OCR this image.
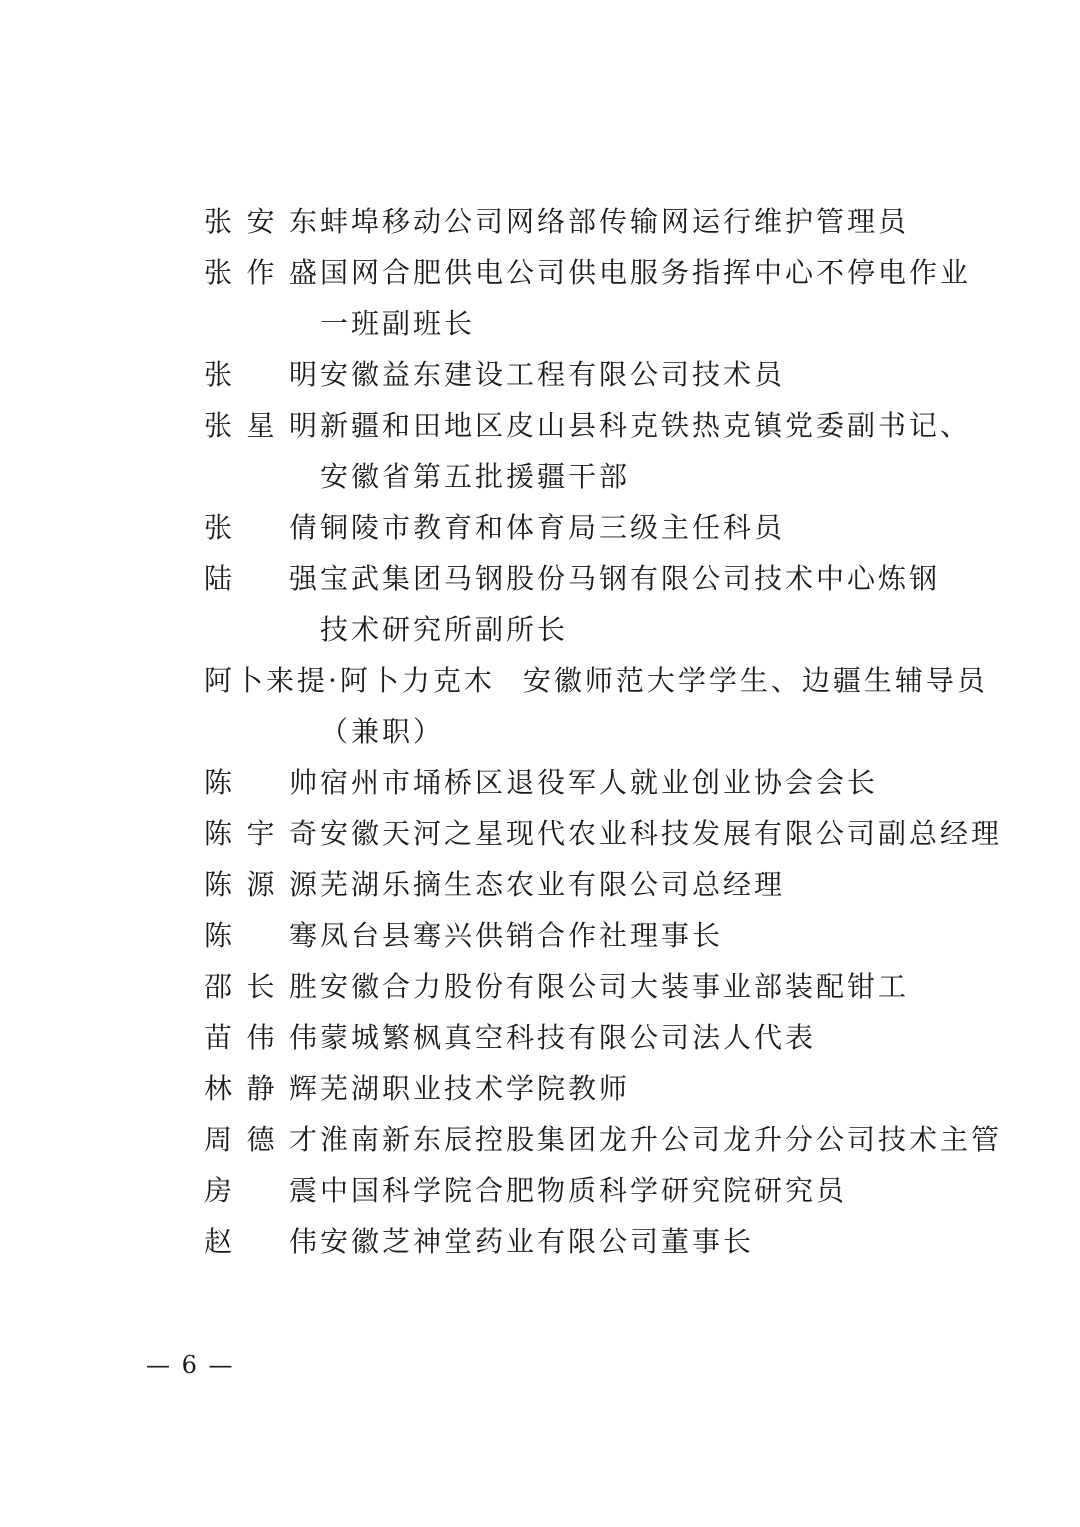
张安东 蚌埠移动公司网络部传输网运行维护管理员
张作盛 国网合肥供电公司供电服务指挥中心不停电作业
一班副班长
张明 安徽益东建设工程有限公司技术员
张星明 新疆和田地区皮山县科克铁热克镇党委副书记、
安徽省第五批援疆干部
张倩 铜陵市教育和体育局三级主任科员
陆强 宝武集团马钢股份马钢有限公司技术中心炼钢
技术研究所副所长
阿卜来提·阿卜力克木 安徽师范大学学生、边疆生辅导员
（兼职）
陈帅 宿州市埇桥区退役军人就业创业协会会长
陈宇奇 安徽天河之星现代农业科技发展有限公司副总经理
陈源源 芜湖乐摘生态农业有限公司总经理
陈骞 凤台县骞兴供销合作社理事长
邵长胜 安徽合力股份有限公司大装事业部装配钳工
苗伟伟 蒙城繁枫真空科技有限公司法人代表
林静辉 芜湖职业技术学院教师
周德才 淮南新东辰控股集团龙升公司龙升分公司技术主管
房震 中国科学院合肥物质科学研究院研究员
赵伟 安徽芝神堂药业有限公司董事长
— 6 —
